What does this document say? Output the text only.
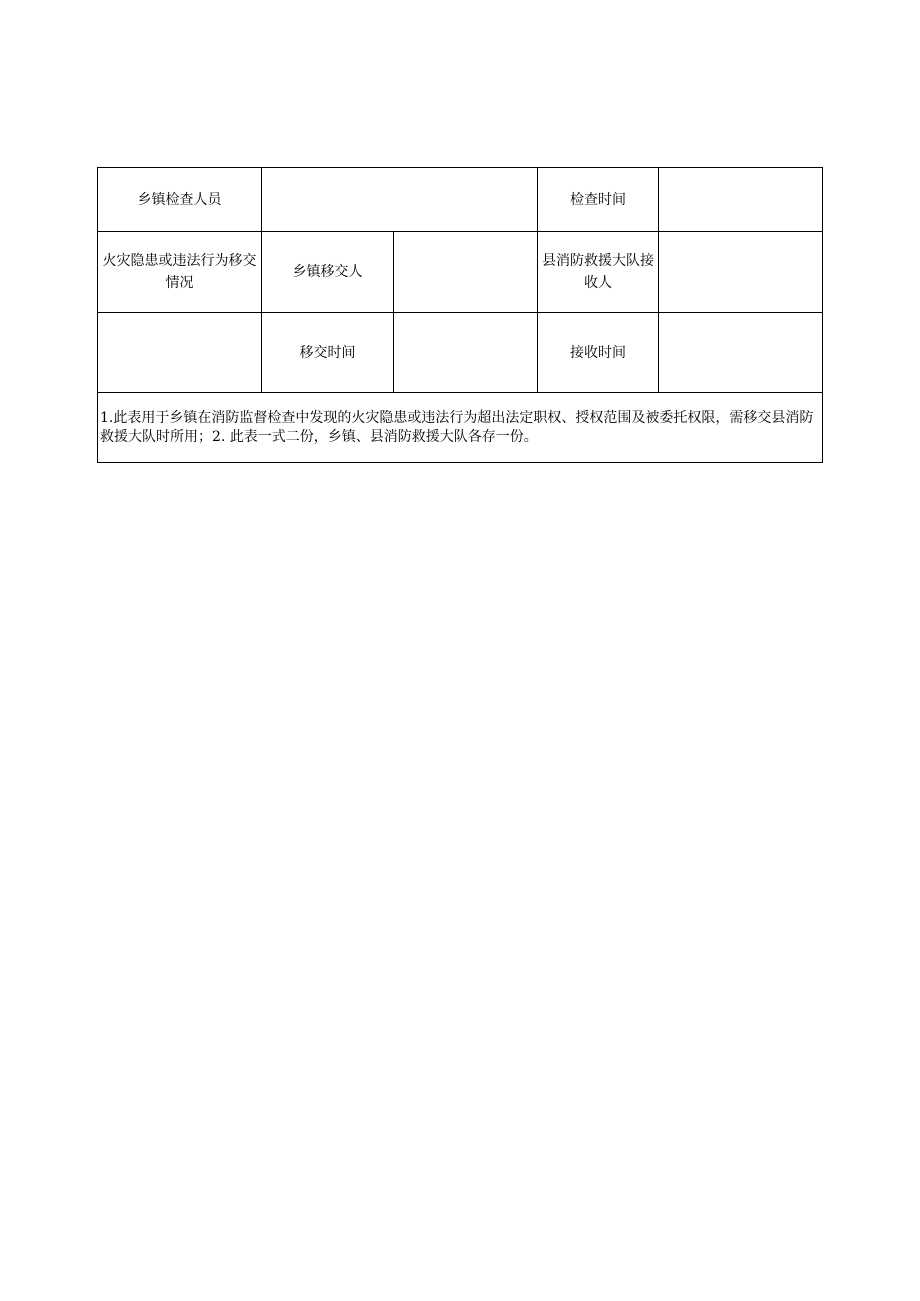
乡镇检查人员			检查时间	
火灾隐患或违法行为移交情况	乡镇移交人		县消防救援大队接收人	
	移交时间		接收时间	
1.此表用于乡镇在消防监督检查中发现的火灾隐患或违法行为超出法定职权、授权范围及被委托权限，需移交县消防救援大队时所用；2. 此表一式二份，乡镇、县消防救援大队各存一份。				
